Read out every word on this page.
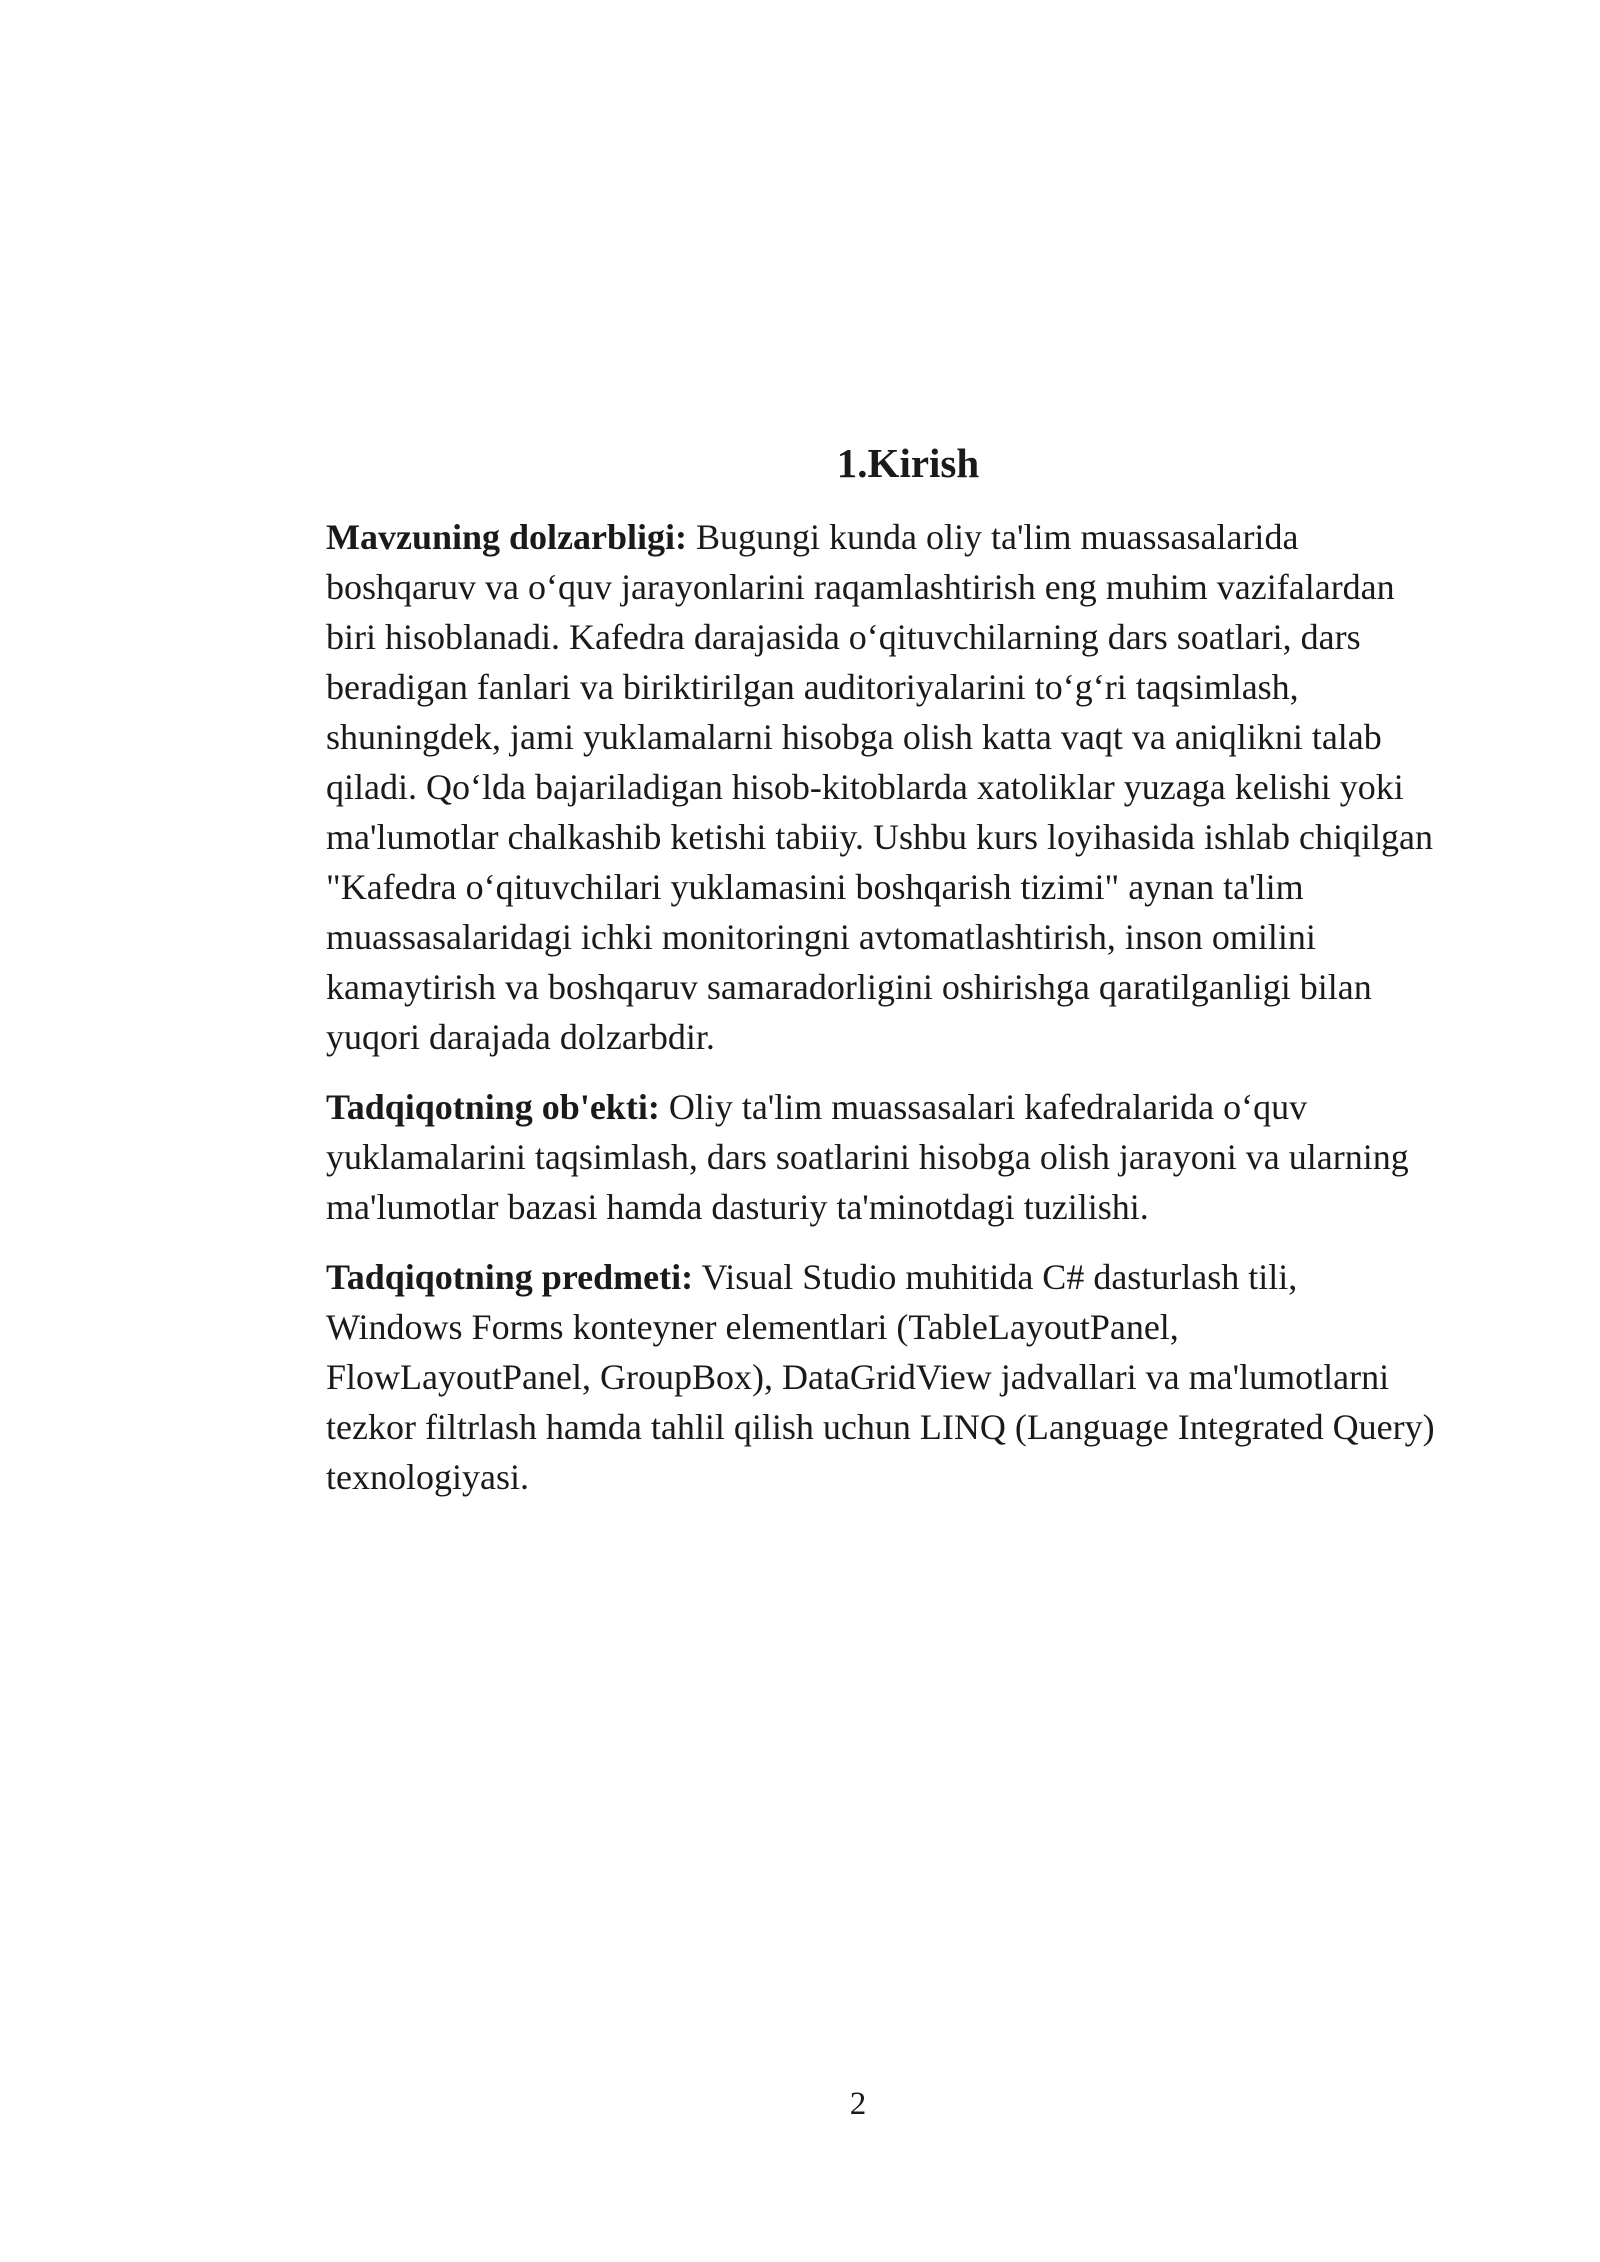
1.Kirish

Mavzuning dolzarbligi: Bugungi kunda oliy ta'lim muassasalarida
boshqaruv va o‘quv jarayonlarini raqamlashtirish eng muhim vazifalardan
biri hisoblanadi. Kafedra darajasida o‘qituvchilarning dars soatlari, dars
beradigan fanlari va biriktirilgan auditoriyalarini to‘g‘ri taqsimlash,
shuningdek, jami yuklamalarni hisobga olish katta vaqt va aniqlikni talab
qiladi. Qo‘lda bajariladigan hisob-kitoblarda xatoliklar yuzaga kelishi yoki
ma'lumotlar chalkashib ketishi tabiiy. Ushbu kurs loyihasida ishlab chiqilgan
"Kafedra o‘qituvchilari yuklamasini boshqarish tizimi" aynan ta'lim
muassasalaridagi ichki monitoringni avtomatlashtirish, inson omilini
kamaytirish va boshqaruv samaradorligini oshirishga qaratilganligi bilan
yuqori darajada dolzarbdir.

Tadqiqotning ob'ekti: Oliy ta'lim muassasalari kafedralarida o‘quv
yuklamalarini taqsimlash, dars soatlarini hisobga olish jarayoni va ularning
ma'lumotlar bazasi hamda dasturiy ta'minotdagi tuzilishi.

Tadqiqotning predmeti: Visual Studio muhitida C# dasturlash tili,
Windows Forms konteyner elementlari (TableLayoutPanel,
FlowLayoutPanel, GroupBox), DataGridView jadvallari va ma'lumotlarni
tezkor filtrlash hamda tahlil qilish uchun LINQ (Language Integrated Query)
texnologiyasi.

2
